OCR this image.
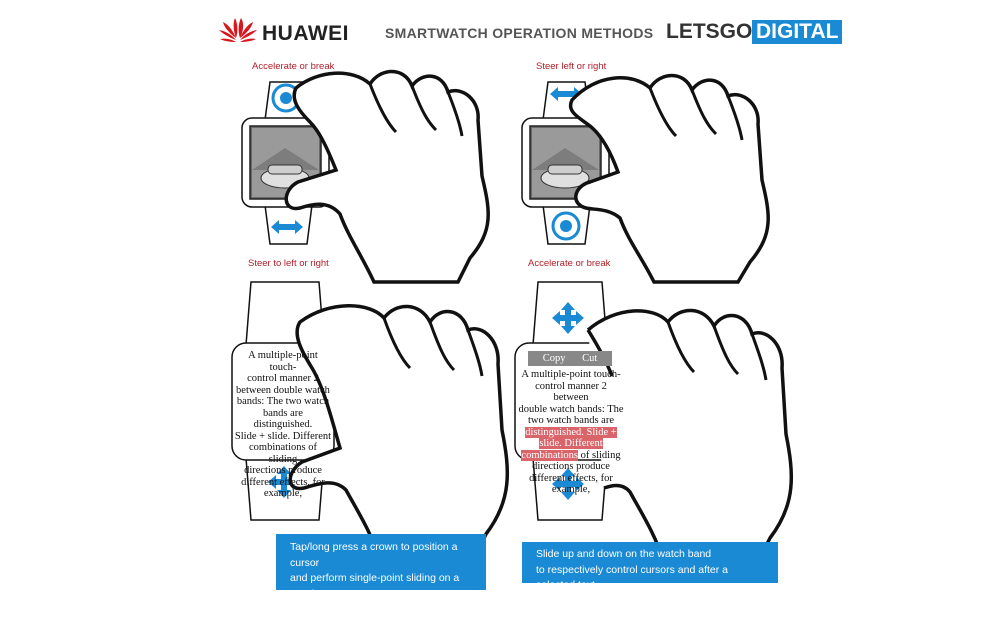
HUAWEI	SMARTWATCH OPERATION METHODS LETSGO DIGITAL
Accelerate or break
Steer to left or right
Steer left or right
Accelerate or break
A multiple-point touch-
control manner 2
between double watch
bands: The two watch
bands are distinguished.
Slide + slide. Different
combinations of sliding
directions produce
different effects, for
example,
Copy Cut
A multiple-point touch-
control manner 2 between
double watch bands: The
two watch bands are
distinguished. Slide +
slide. Different
combinations of sliding
directions produce
different effects, for
example,
Tap/long press a crown to position a cursor
and perform single-point sliding on a watch
band to control the position of the cursur.
Slide up and down on the watch band
to respectively control cursors and after a selected text.
